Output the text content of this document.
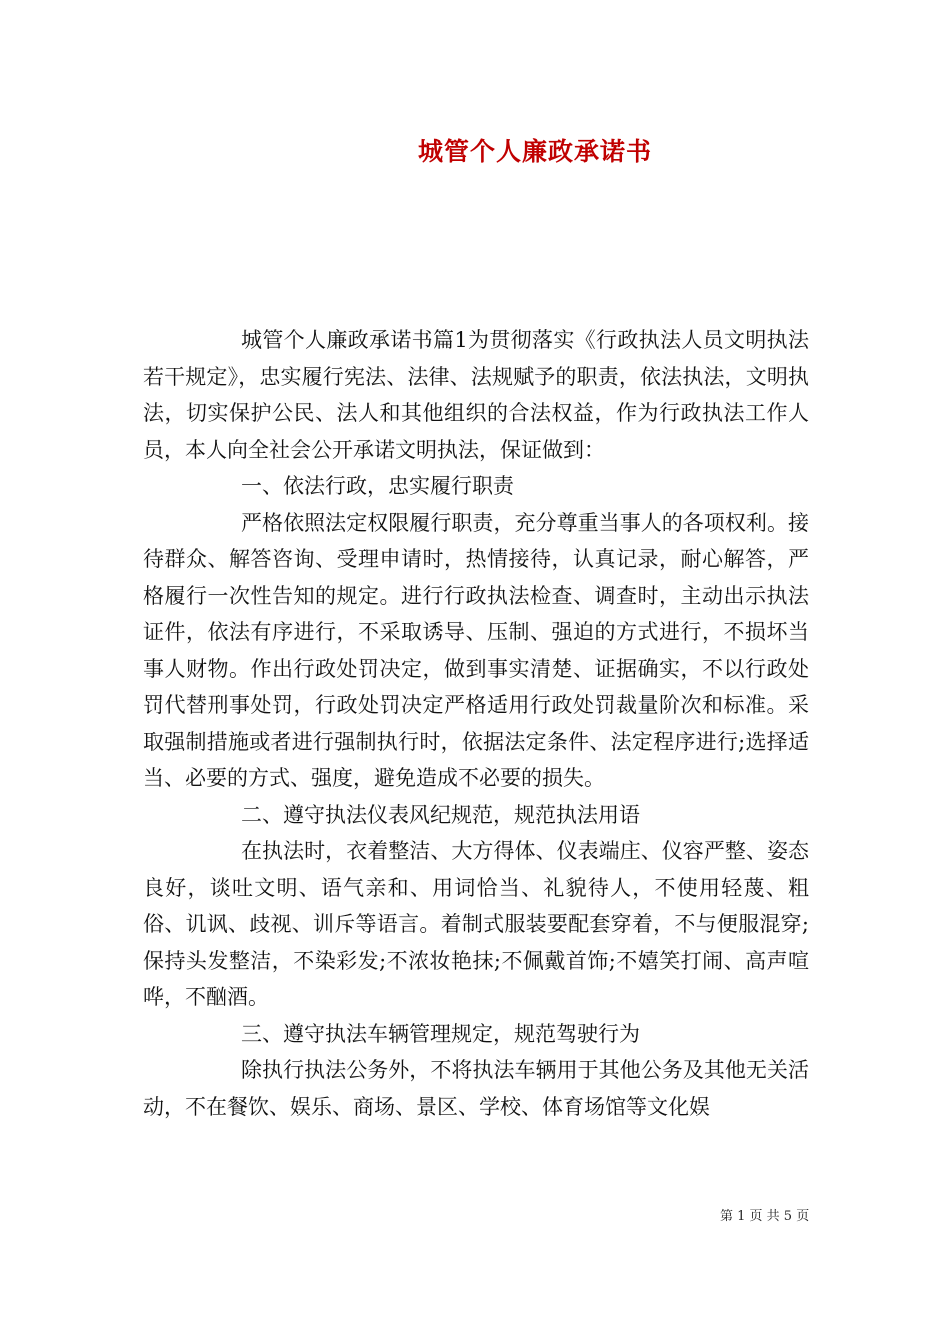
城管个人廉政承诺书

城管个人廉政承诺书篇1为贯彻落实《行政执法人员文明执法若干规定》，忠实履行宪法、法律、法规赋予的职责，依法执法，文明执法，切实保护公民、法人和其他组织的合法权益，作为行政执法工作人员，本人向全社会公开承诺文明执法，保证做到：

一、依法行政，忠实履行职责

严格依照法定权限履行职责，充分尊重当事人的各项权利。接待群众、解答咨询、受理申请时，热情接待，认真记录，耐心解答，严格履行一次性告知的规定。进行行政执法检查、调查时，主动出示执法证件，依法有序进行，不采取诱导、压制、强迫的方式进行，不损坏当事人财物。作出行政处罚决定，做到事实清楚、证据确实，不以行政处罚代替刑事处罚，行政处罚决定严格适用行政处罚裁量阶次和标准。采取强制措施或者进行强制执行时，依据法定条件、法定程序进行;选择适当、必要的方式、强度，避免造成不必要的损失。

二、遵守执法仪表风纪规范，规范执法用语

在执法时，衣着整洁、大方得体、仪表端庄、仪容严整、姿态良好，谈吐文明、语气亲和、用词恰当、礼貌待人，不使用轻蔑、粗俗、讥讽、歧视、训斥等语言。着制式服装要配套穿着，不与便服混穿;保持头发整洁，不染彩发;不浓妆艳抹;不佩戴首饰;不嬉笑打闹、高声喧哗，不酗酒。

三、遵守执法车辆管理规定，规范驾驶行为

除执行执法公务外，不将执法车辆用于其他公务及其他无关活动，不在餐饮、娱乐、商场、景区、学校、体育场馆等文化娱

第 1 页 共 5 页
